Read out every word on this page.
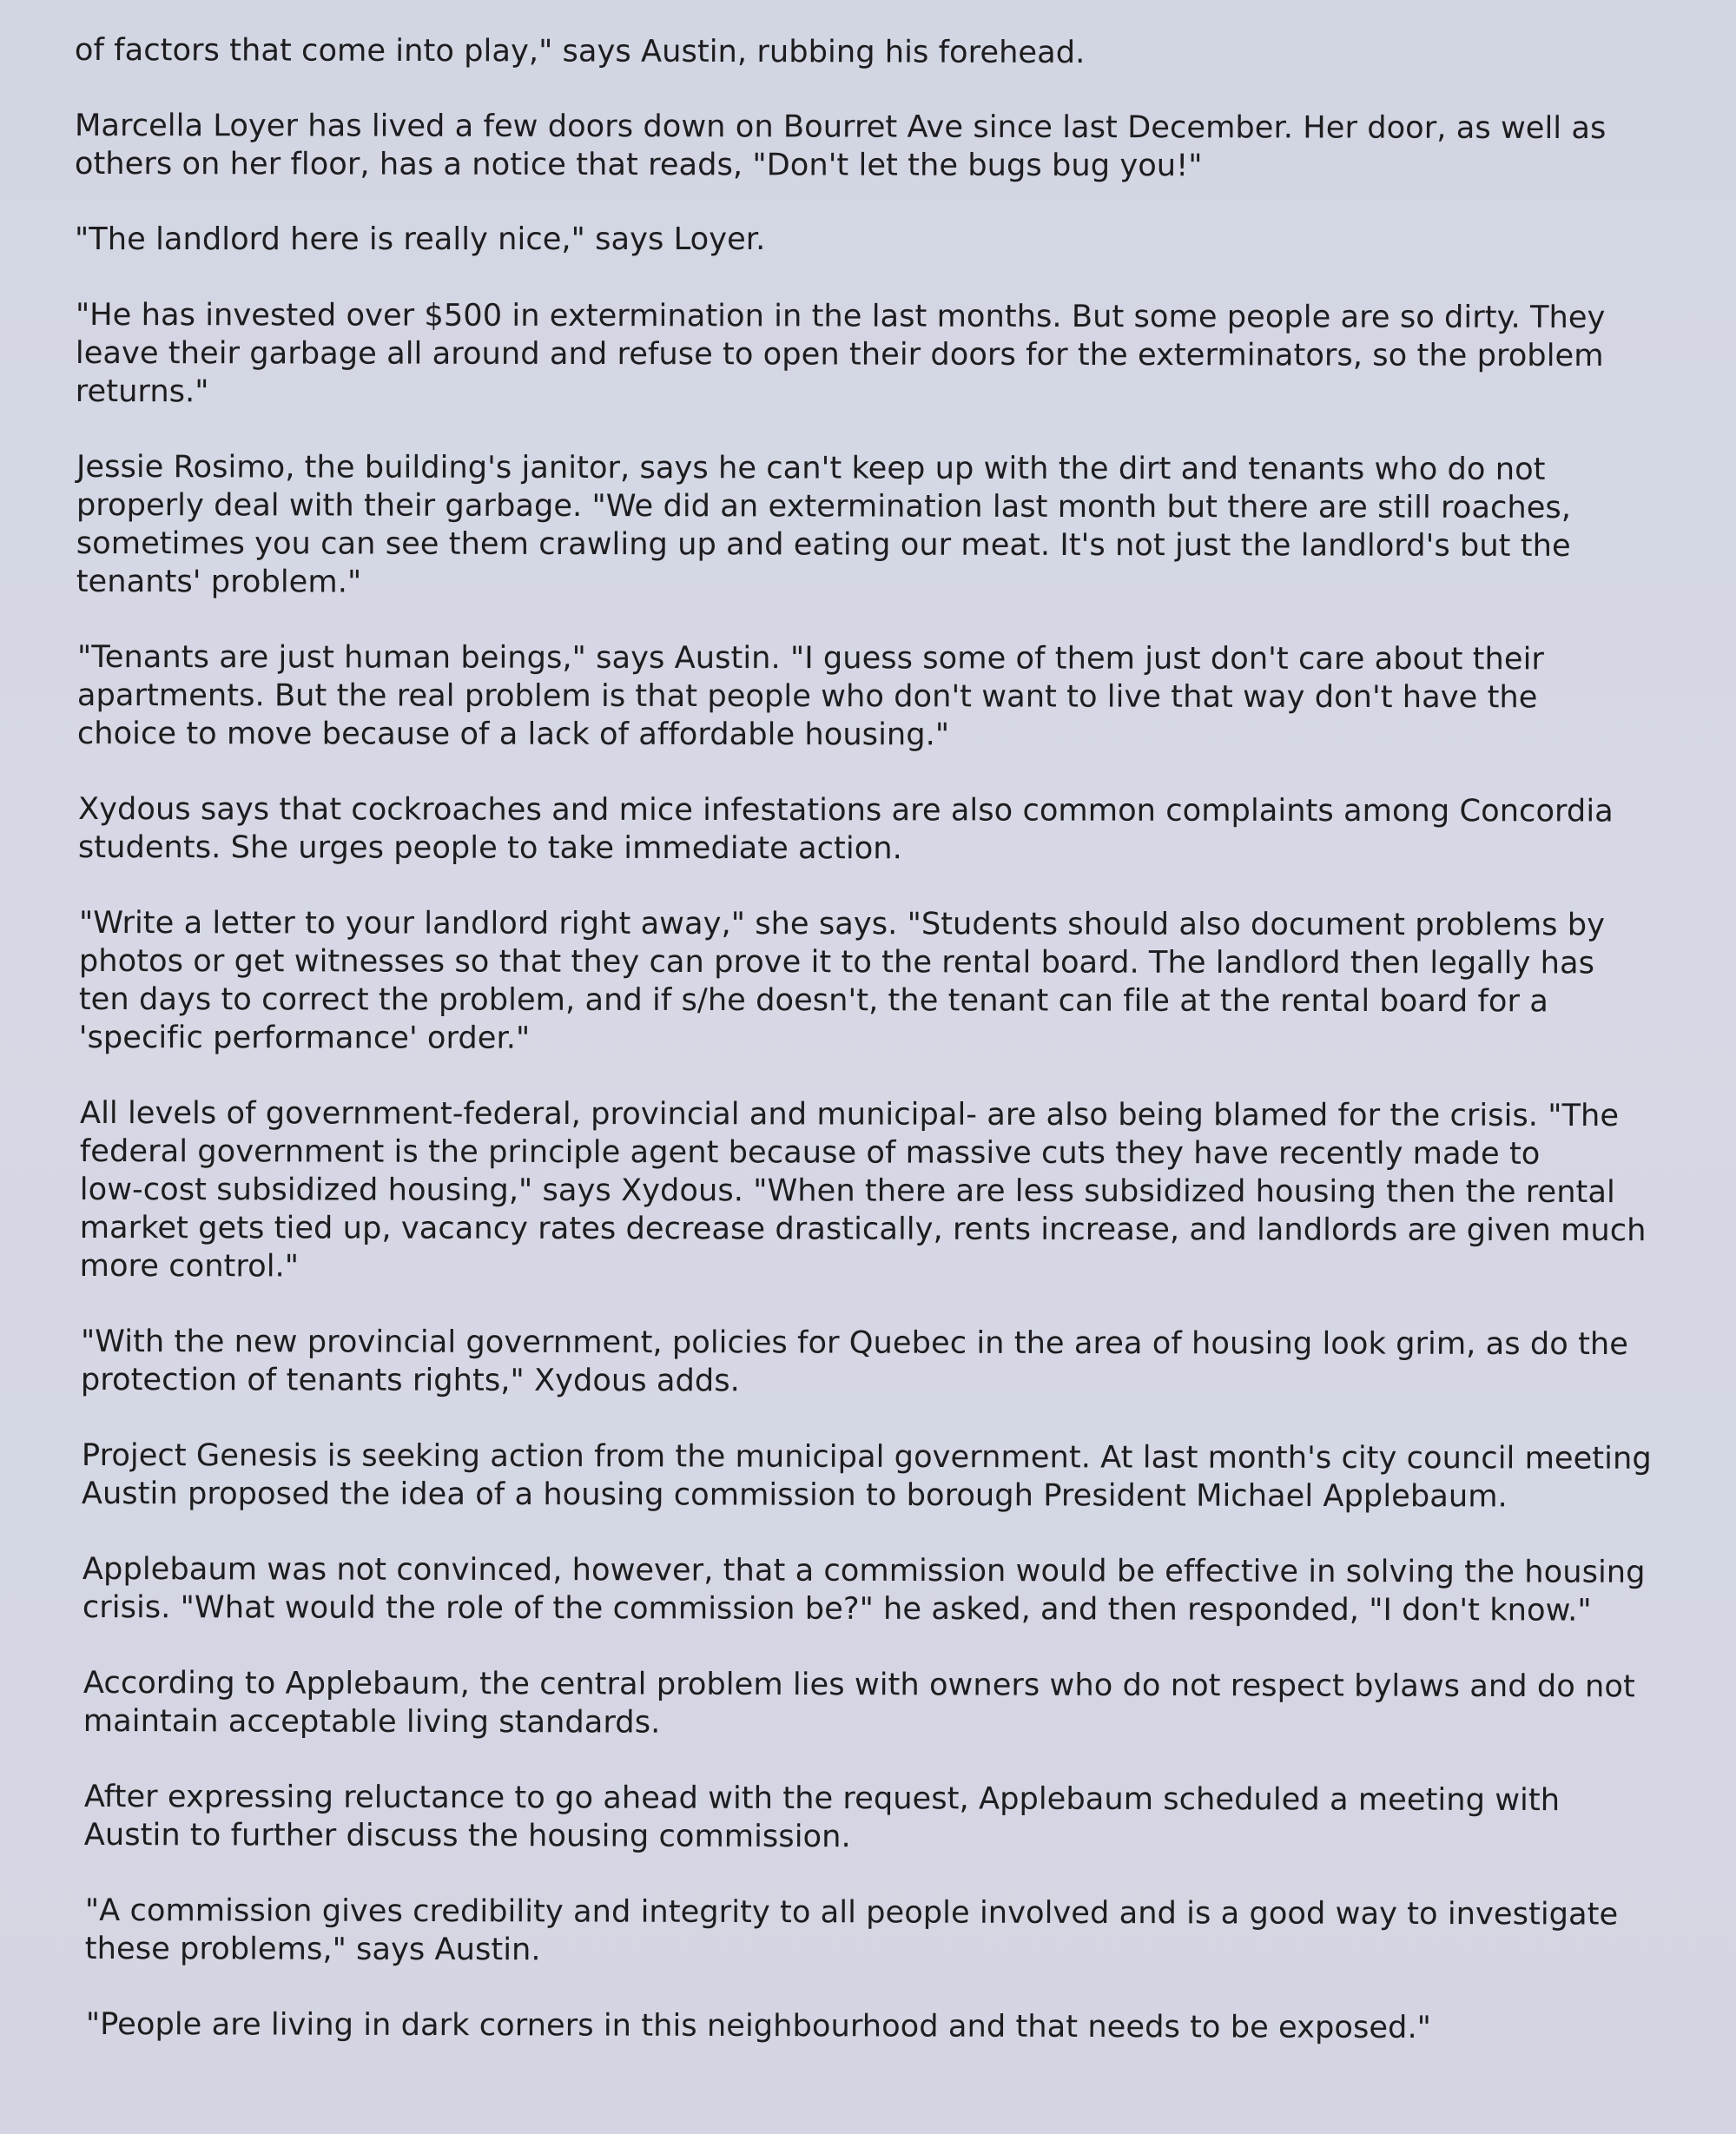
of factors that come into play," says Austin, rubbing his forehead.

Marcella Loyer has lived a few doors down on Bourret Ave since last December. Her door, as well as
others on her floor, has a notice that reads, "Don't let the bugs bug you!"

"The landlord here is really nice," says Loyer.

"He has invested over $500 in extermination in the last months. But some people are so dirty. They
leave their garbage all around and refuse to open their doors for the exterminators, so the problem
returns."

Jessie Rosimo, the building's janitor, says he can't keep up with the dirt and tenants who do not
properly deal with their garbage. "We did an extermination last month but there are still roaches,
sometimes you can see them crawling up and eating our meat. It's not just the landlord's but the
tenants' problem."

"Tenants are just human beings," says Austin. "I guess some of them just don't care about their
apartments. But the real problem is that people who don't want to live that way don't have the
choice to move because of a lack of affordable housing."

Xydous says that cockroaches and mice infestations are also common complaints among Concordia
students. She urges people to take immediate action.

"Write a letter to your landlord right away," she says. "Students should also document problems by
photos or get witnesses so that they can prove it to the rental board. The landlord then legally has
ten days to correct the problem, and if s/he doesn't, the tenant can file at the rental board for a
'specific performance' order."

All levels of government-federal, provincial and municipal- are also being blamed for the crisis. "The
federal government is the principle agent because of massive cuts they have recently made to
low-cost subsidized housing," says Xydous. "When there are less subsidized housing then the rental
market gets tied up, vacancy rates decrease drastically, rents increase, and landlords are given much
more control."

"With the new provincial government, policies for Quebec in the area of housing look grim, as do the
protection of tenants rights," Xydous adds.

Project Genesis is seeking action from the municipal government. At last month's city council meeting
Austin proposed the idea of a housing commission to borough President Michael Applebaum.

Applebaum was not convinced, however, that a commission would be effective in solving the housing
crisis. "What would the role of the commission be?" he asked, and then responded, "I don't know."

According to Applebaum, the central problem lies with owners who do not respect bylaws and do not
maintain acceptable living standards.

After expressing reluctance to go ahead with the request, Applebaum scheduled a meeting with
Austin to further discuss the housing commission.

"A commission gives credibility and integrity to all people involved and is a good way to investigate
these problems," says Austin.

"People are living in dark corners in this neighbourhood and that needs to be exposed."
